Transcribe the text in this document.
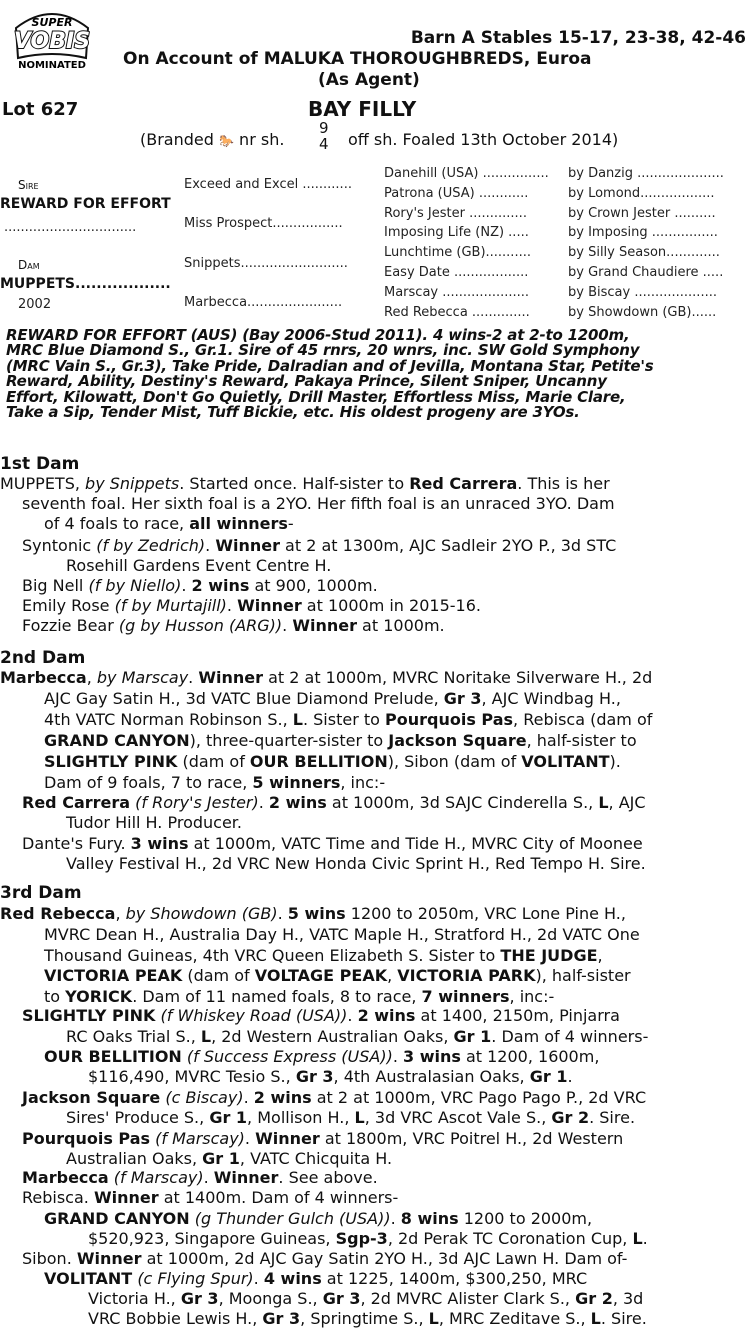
SUPER
VOBIS
NOMINATED
Barn A Stables 15-17, 23-38, 42-46
On Account of MALUKA THOROUGHBREDS, Euroa
(As Agent)
Lot 627	BAY FILLY
(Branded 🐎 nr sh.
9
4 off sh. Foaled 13th October 2014)
Sire
REWARD FOR EFFORT
................................
Dam
MUPPETS..................
2002
Exceed and Excel ............
Miss Prospect.................
Snippets..........................
Marbecca.......................
Danehill (USA) ................
Patrona (USA) ............
Rory's Jester ..............
Imposing Life (NZ) .....
Lunchtime (GB)...........
Easy Date ..................
Marscay .....................
Red Rebecca ..............
by Danzig .....................
by Lomond..................
by Crown Jester ..........
by Imposing ................
by Silly Season.............
by Grand Chaudiere .....
by Biscay ....................
by Showdown (GB)......
REWARD FOR EFFORT (AUS) (Bay 2006-Stud 2011). 4 wins-2 at 2-to 1200m,
MRC Blue Diamond S., Gr.1. Sire of 45 rnrs, 20 wnrs, inc. SW Gold Symphony
(MRC Vain S., Gr.3), Take Pride, Dalradian and of Jevilla, Montana Star, Petite's
Reward, Ability, Destiny's Reward, Pakaya Prince, Silent Sniper, Uncanny
Effort, Kilowatt, Don't Go Quietly, Drill Master, Effortless Miss, Marie Clare,
Take a Sip, Tender Mist, Tuff Bickie, etc. His oldest progeny are 3YOs.
1st Dam
MUPPETS, by Snippets. Started once. Half-sister to Red Carrera. This is her
seventh foal. Her sixth foal is a 2YO. Her fifth foal is an unraced 3YO. Dam
of 4 foals to race, all winners-
Syntonic (f by Zedrich). Winner at 2 at 1300m, AJC Sadleir 2YO P., 3d STC
Rosehill Gardens Event Centre H.
Big Nell (f by Niello). 2 wins at 900, 1000m.
Emily Rose (f by Murtajill). Winner at 1000m in 2015-16.
Fozzie Bear (g by Husson (ARG)). Winner at 1000m.
2nd Dam
Marbecca, by Marscay. Winner at 2 at 1000m, MVRC Noritake Silverware H., 2d
AJC Gay Satin H., 3d VATC Blue Diamond Prelude, Gr 3, AJC Windbag H.,
4th VATC Norman Robinson S., L. Sister to Pourquois Pas, Rebisca (dam of
GRAND CANYON), three-quarter-sister to Jackson Square, half-sister to
SLIGHTLY PINK (dam of OUR BELLITION), Sibon (dam of VOLITANT).
Dam of 9 foals, 7 to race, 5 winners, inc:-
Red Carrera (f Rory's Jester). 2 wins at 1000m, 3d SAJC Cinderella S., L, AJC
Tudor Hill H. Producer.
Dante's Fury. 3 wins at 1000m, VATC Time and Tide H., MVRC City of Moonee
Valley Festival H., 2d VRC New Honda Civic Sprint H., Red Tempo H. Sire.
3rd Dam
Red Rebecca, by Showdown (GB). 5 wins 1200 to 2050m, VRC Lone Pine H.,
MVRC Dean H., Australia Day H., VATC Maple H., Stratford H., 2d VATC One
Thousand Guineas, 4th VRC Queen Elizabeth S. Sister to THE JUDGE,
VICTORIA PEAK (dam of VOLTAGE PEAK, VICTORIA PARK), half-sister
to YORICK. Dam of 11 named foals, 8 to race, 7 winners, inc:-
SLIGHTLY PINK (f Whiskey Road (USA)). 2 wins at 1400, 2150m, Pinjarra
RC Oaks Trial S., L, 2d Western Australian Oaks, Gr 1. Dam of 4 winners-
OUR BELLITION (f Success Express (USA)). 3 wins at 1200, 1600m,
$116,490, MVRC Tesio S., Gr 3, 4th Australasian Oaks, Gr 1.
Jackson Square (c Biscay). 2 wins at 2 at 1000m, VRC Pago Pago P., 2d VRC
Sires' Produce S., Gr 1, Mollison H., L, 3d VRC Ascot Vale S., Gr 2. Sire.
Pourquois Pas (f Marscay). Winner at 1800m, VRC Poitrel H., 2d Western
Australian Oaks, Gr 1, VATC Chicquita H.
Marbecca (f Marscay). Winner. See above.
Rebisca. Winner at 1400m. Dam of 4 winners-
GRAND CANYON (g Thunder Gulch (USA)). 8 wins 1200 to 2000m,
$520,923, Singapore Guineas, Sgp-3, 2d Perak TC Coronation Cup, L.
Sibon. Winner at 1000m, 2d AJC Gay Satin 2YO H., 3d AJC Lawn H. Dam of-
VOLITANT (c Flying Spur). 4 wins at 1225, 1400m, $300,250, MRC
Victoria H., Gr 3, Moonga S., Gr 3, 2d MVRC Alister Clark S., Gr 2, 3d
VRC Bobbie Lewis H., Gr 3, Springtime S., L, MRC Zeditave S., L. Sire.
